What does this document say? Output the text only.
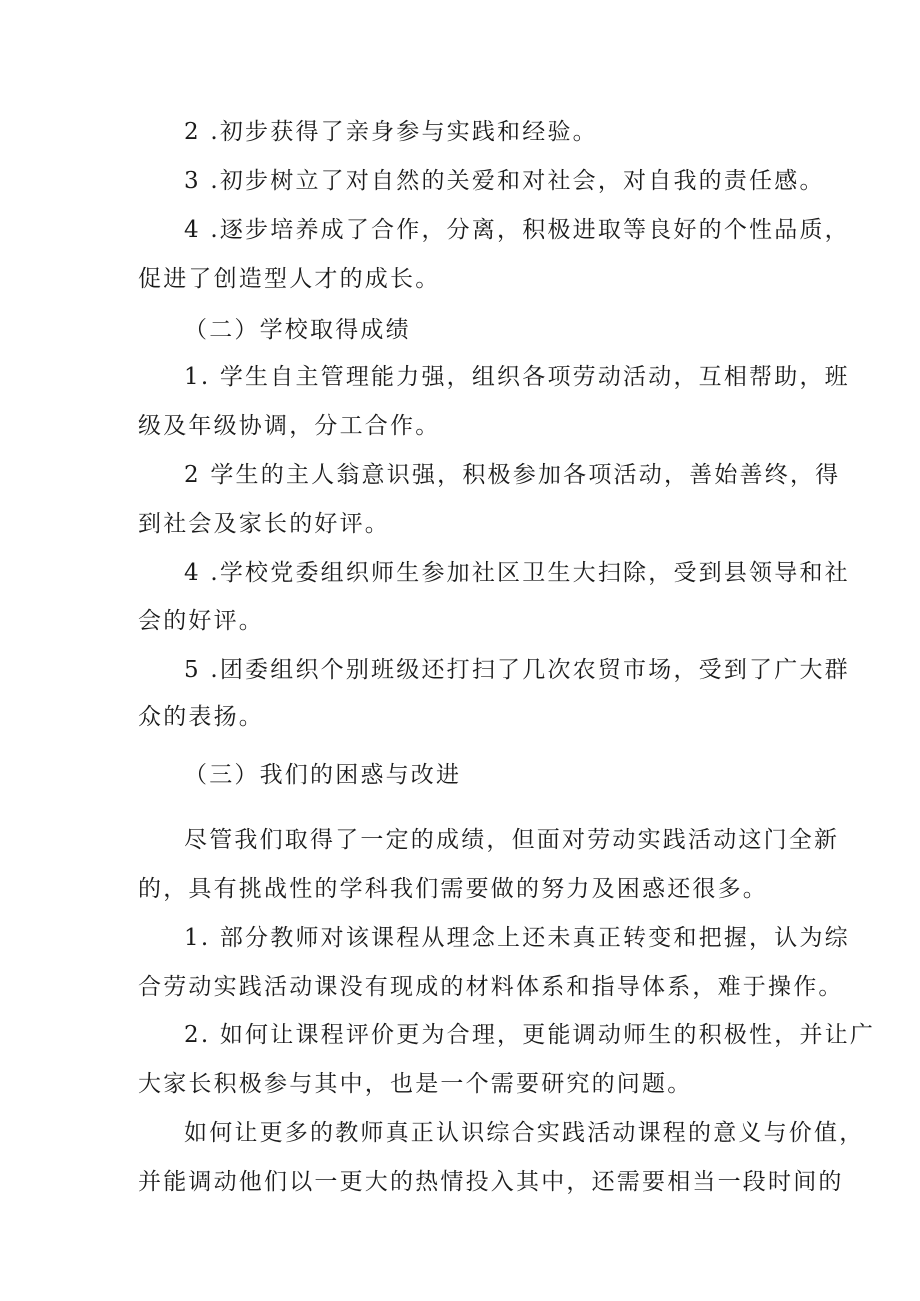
2 .初步获得了亲身参与实践和经验。
3 .初步树立了对自然的关爱和对社会，对自我的责任感。
4 .逐步培养成了合作，分离，积极进取等良好的个性品质，
促进了创造型人才的成长。
（二）学校取得成绩
1. 学生自主管理能力强，组织各项劳动活动，互相帮助，班
级及年级协调，分工合作。
2 学生的主人翁意识强，积极参加各项活动，善始善终，得
到社会及家长的好评。
4 .学校党委组织师生参加社区卫生大扫除，受到县领导和社
会的好评。
5 .团委组织个别班级还打扫了几次农贸市场，受到了广大群
众的表扬。
（三）我们的困惑与改进
尽管我们取得了一定的成绩，但面对劳动实践活动这门全新
的，具有挑战性的学科我们需要做的努力及困惑还很多。
1. 部分教师对该课程从理念上还未真正转变和把握，认为综
合劳动实践活动课没有现成的材料体系和指导体系，难于操作。
2. 如何让课程评价更为合理，更能调动师生的积极性，并让广
大家长积极参与其中，也是一个需要研究的问题。
如何让更多的教师真正认识综合实践活动课程的意义与价值，
并能调动他们以一更大的热情投入其中，还需要相当一段时间的
